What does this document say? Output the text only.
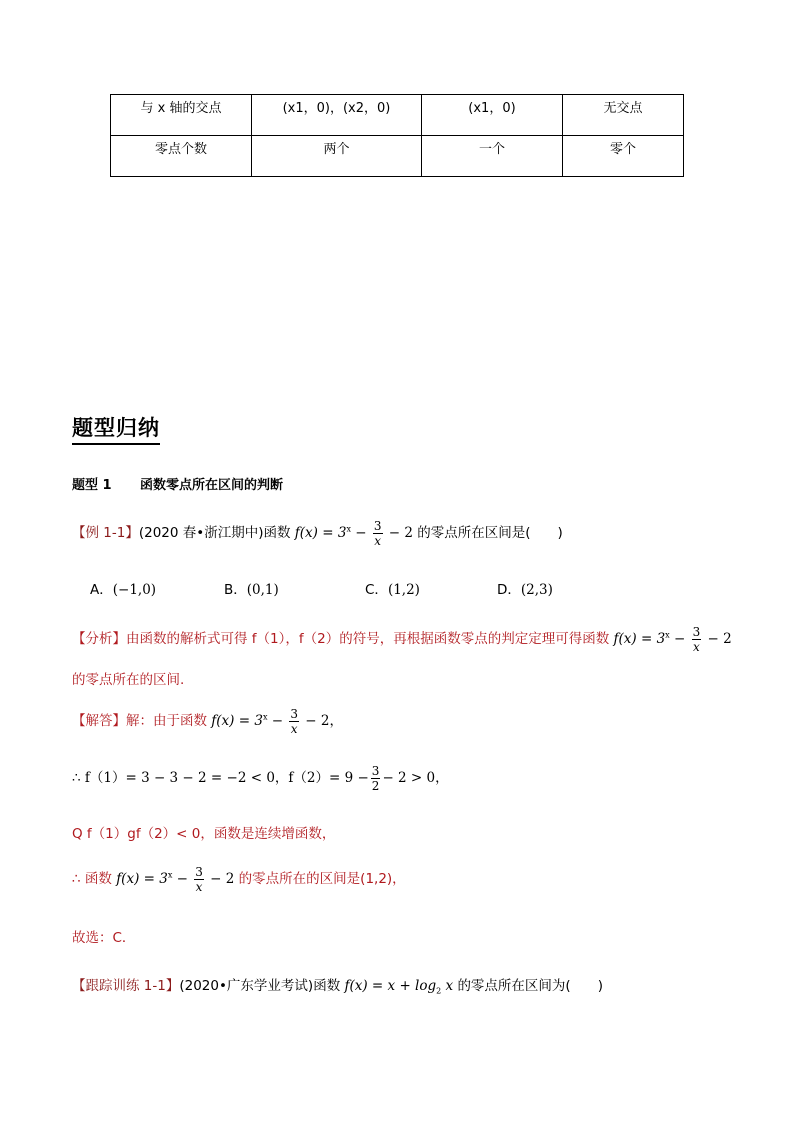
与 x 轴的交点	(x1，0)，(x2，0)	(x1，0)	无交点
零点个数	两个	一个	零个
题型归纳
题型 1 函数零点所在区间的判断
【例 1-1】(2020 春•浙江期中)函数 $f(x) = 3^x - \frac{3}{x} - 2$ 的零点所在区间是(　　)
A．(−1,0)	B．(0,1)	C．(1,2)	D．(2,3)
【分析】由函数的解析式可得 f（1），f（2）的符号，再根据函数零点的判定定理可得函数 $f(x) = 3^x - \frac{3}{x} - 2$
的零点所在的区间.
【解答】解：由于函数 $f(x) = 3^x - \frac{3}{x} - 2$，
∴ f（1）= 3 − 3 − 2 = −2 < 0，$f(2)= 9 - \frac{3}{2} - 2 > 0$，
Q f（1）gf（2）< 0，函数是连续增函数，
∴ 函数 $f(x) = 3^x - \frac{3}{x} - 2$ 的零点所在的区间是(1,2)，
故选：C．
【跟踪训练 1-1】(2020•广东学业考试)函数 $f(x) = x + \log_2 x$ 的零点所在区间为(　　)
